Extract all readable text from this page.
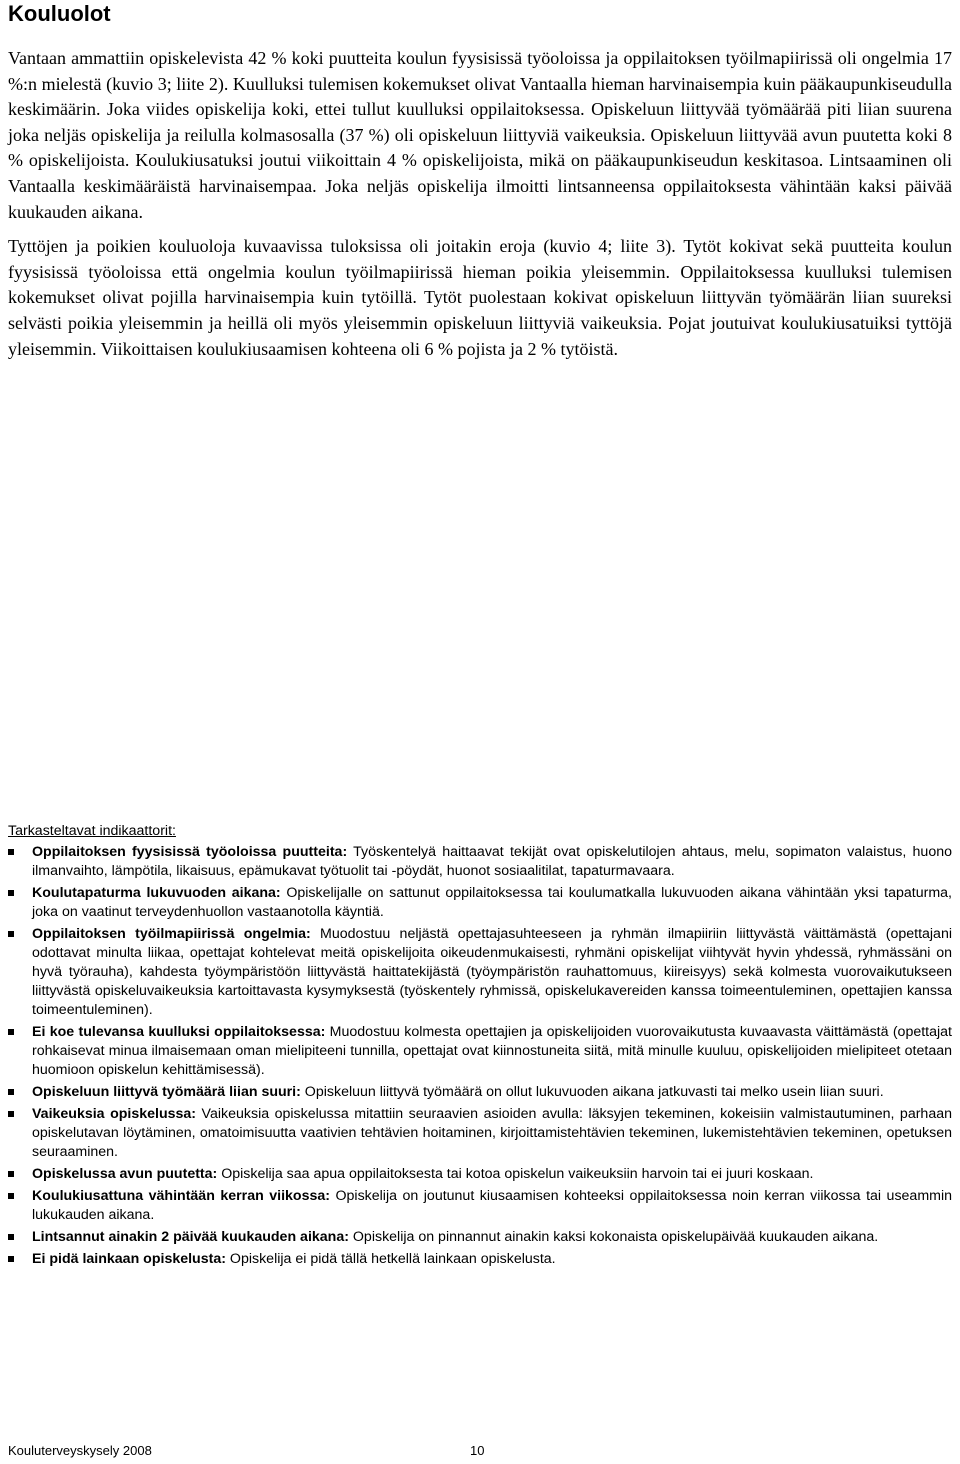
Kouluolot

Vantaan ammattiin opiskelevista 42 % koki puutteita koulun fyysisissä työoloissa ja oppilaitoksen työilmapiirissä oli ongelmia 17 %:n mielestä (kuvio 3; liite 2). Kuulluksi tulemisen kokemukset olivat Vantaalla hieman harvinaisempia kuin pääkaupunkiseudulla keskimäärin. Joka viides opiskelija koki, ettei tullut kuulluksi oppilaitoksessa. Opiskeluun liittyvää työmäärää piti liian suurena joka neljäs opiskelija ja reilulla kolmasosalla (37 %) oli opiskeluun liittyviä vaikeuksia. Opiskeluun liittyvää avun puutetta koki 8 % opiskelijoista. Koulukiusatuksi joutui viikoittain 4 % opiskelijoista, mikä on pääkaupunkiseudun keskitasoa. Lintsaaminen oli Vantaalla keskimääräistä harvinaisempaa. Joka neljäs opiskelija ilmoitti lintsanneensa oppilaitoksesta vähintään kaksi päivää kuukauden aikana.

Tyttöjen ja poikien kouluoloja kuvaavissa tuloksissa oli joitakin eroja (kuvio 4; liite 3). Tytöt kokivat sekä puutteita koulun fyysisissä työoloissa että ongelmia koulun työilmapiirissä hieman poikia yleisemmin. Oppilaitoksessa kuulluksi tulemisen kokemukset olivat pojilla harvinaisempia kuin tytöillä. Tytöt puolestaan kokivat opiskeluun liittyvän työmäärän liian suureksi selvästi poikia yleisemmin ja heillä oli myös yleisemmin opiskeluun liittyviä vaikeuksia. Pojat joutuivat koulukiusatuiksi tyttöjä yleisemmin. Viikoittaisen koulukiusaamisen kohteena oli 6 % pojista ja 2 % tytöistä.

Tarkasteltavat indikaattorit:
Oppilaitoksen fyysisissä työoloissa puutteita: Työskentelyä haittaavat tekijät ovat opiskelutilojen ahtaus, melu, sopimaton valaistus, huono ilmanvaihto, lämpötila, likaisuus, epämukavat työtuolit tai -pöydät, huonot sosiaalitilat, tapaturmavaara.
Koulutapaturma lukuvuoden aikana: Opiskelijalle on sattunut oppilaitoksessa tai koulumatkalla lukuvuoden aikana vähintään yksi tapaturma, joka on vaatinut terveydenhuollon vastaanotolla käyntiä.
Oppilaitoksen työilmapiirissä ongelmia: Muodostuu neljästä opettajasuhteeseen ja ryhmän ilmapiiriin liittyvästä väittämästä (opettajani odottavat minulta liikaa, opettajat kohtelevat meitä opiskelijoita oikeudenmukaisesti, ryhmäni opiskelijat viihtyvät hyvin yhdessä, ryhmässäni on hyvä työrauha), kahdesta työympäristöön liittyvästä haittatekijästä (työympäristön rauhattomuus, kiireisyys) sekä kolmesta vuorovaikutukseen liittyvästä opiskeluvaikeuksia kartoittavasta kysymyksestä (työskentely ryhmissä, opiskelukavereiden kanssa toimeentuleminen, opettajien kanssa toimeentuleminen).
Ei koe tulevansa kuulluksi oppilaitoksessa: Muodostuu kolmesta opettajien ja opiskelijoiden vuorovaikutusta kuvaavasta väittämästä (opettajat rohkaisevat minua ilmaisemaan oman mielipiteeni tunnilla, opettajat ovat kiinnostuneita siitä, mitä minulle kuuluu, opiskelijoiden mielipiteet otetaan huomioon opiskelun kehittämisessä).
Opiskeluun liittyvä työmäärä liian suuri: Opiskeluun liittyvä työmäärä on ollut lukuvuoden aikana jatkuvasti tai melko usein liian suuri.
Vaikeuksia opiskelussa: Vaikeuksia opiskelussa mitattiin seuraavien asioiden avulla: läksyjen tekeminen, kokeisiin valmistautuminen, parhaan opiskelutavan löytäminen, omatoimisuutta vaativien tehtävien hoitaminen, kirjoittamistehtävien tekeminen, lukemistehtävien tekeminen, opetuksen seuraaminen.
Opiskelussa avun puutetta: Opiskelija saa apua oppilaitoksesta tai kotoa opiskelun vaikeuksiin harvoin tai ei juuri koskaan.
Koulukiusattuna vähintään kerran viikossa: Opiskelija on joutunut kiusaamisen kohteeksi oppilaitoksessa noin kerran viikossa tai useammin lukukauden aikana.
Lintsannut ainakin 2 päivää kuukauden aikana: Opiskelija on pinnannut ainakin kaksi kokonaista opiskelupäivää kuukauden aikana.
Ei pidä lainkaan opiskelusta: Opiskelija ei pidä tällä hetkellä lainkaan opiskelusta.
Kouluterveyskysely 2008	10
